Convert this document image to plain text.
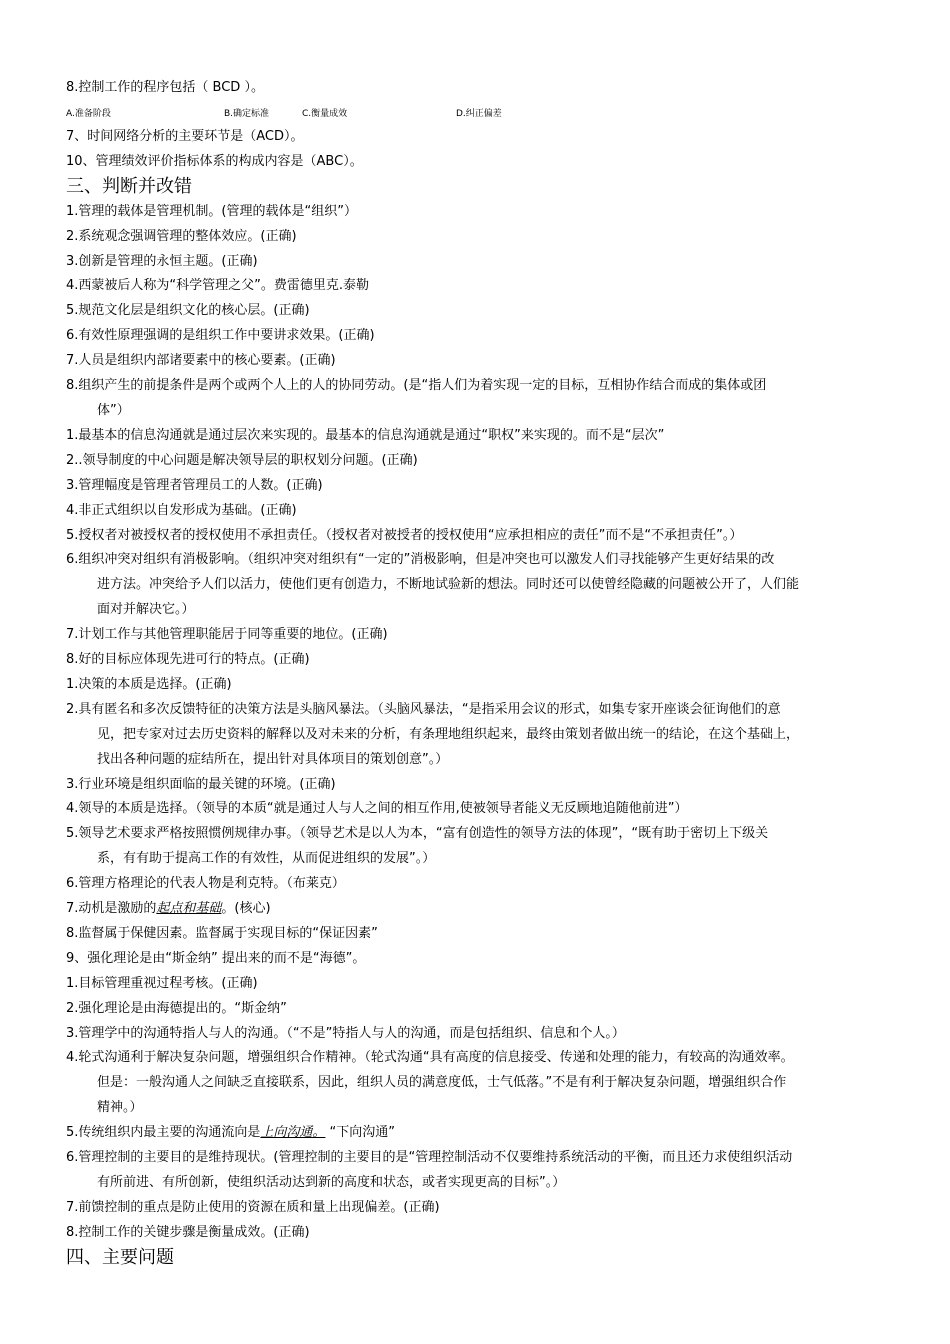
8.控制工作的程序包括（ BCD ）。
A.准备阶段	B.确定标准	C.衡量成效	D.纠正偏差
7、时间网络分析的主要环节是（ACD）。
10、管理绩效评价指标体系的构成内容是（ABC）。
三、判断并改错
1.管理的载体是管理机制。(管理的载体是“组织”）
2.系统观念强调管理的整体效应。(正确)
3.创新是管理的永恒主题。(正确)
4.西蒙被后人称为“科学管理之父”。费雷德里克.泰勒
5.规范文化层是组织文化的核心层。(正确)
6.有效性原理强调的是组织工作中要讲求效果。(正确)
7.人员是组织内部诸要素中的核心要素。(正确)
8.组织产生的前提条件是两个或两个人上的人的协同劳动。(是“指人们为着实现一定的目标，互相协作结合而成的集体或团
体”）
1.最基本的信息沟通就是通过层次来实现的。最基本的信息沟通就是通过“职权”来实现的。而不是“层次”
2..领导制度的中心问题是解决领导层的职权划分问题。(正确)
3.管理幅度是管理者管理员工的人数。(正确)
4.非正式组织以自发形成为基础。(正确)
5.授权者对被授权者的授权使用不承担责任。（授权者对被授者的授权使用“应承担相应的责任”而不是“不承担责任”。）
6.组织冲突对组织有消极影响。（组织冲突对组织有“一定的”消极影响，但是冲突也可以激发人们寻找能够产生更好结果的改
进方法。冲突给予人们以活力，使他们更有创造力，不断地试验新的想法。同时还可以使曾经隐藏的问题被公开了，人们能
面对并解决它。）
7.计划工作与其他管理职能居于同等重要的地位。(正确)
8.好的目标应体现先进可行的特点。(正确)
1.决策的本质是选择。(正确)
2.具有匿名和多次反馈特征的决策方法是头脑风暴法。（头脑风暴法，“是指采用会议的形式，如集专家开座谈会征询他们的意
见，把专家对过去历史资料的解释以及对未来的分析，有条理地组织起来，最终由策划者做出统一的结论，在这个基础上，
找出各种问题的症结所在，提出针对具体项目的策划创意”。）
3.行业环境是组织面临的最关键的环境。(正确)
4.领导的本质是选择。（领导的本质“就是通过人与人之间的相互作用,使被领导者能义无反顾地追随他前进”）
5.领导艺术要求严格按照惯例规律办事。（领导艺术是以人为本，“富有创造性的领导方法的体现”，“既有助于密切上下级关
系，有有助于提高工作的有效性，从而促进组织的发展”。）
6.管理方格理论的代表人物是利克特。（布莱克）
7.动机是激励的起点和基础。(核心)
8.监督属于保健因素。监督属于实现目标的“保证因素”
9、强化理论是由“斯金纳” 提出来的而不是“海德”。
1.目标管理重视过程考核。(正确)
2.强化理论是由海德提出的。“斯金纳”
3.管理学中的沟通特指人与人的沟通。（“不是”特指人与人的沟通，而是包括组织、信息和个人。）
4.轮式沟通利于解决复杂问题，增强组织合作精神。（轮式沟通“具有高度的信息接受、传递和处理的能力，有较高的沟通效率。
但是：一般沟通人之间缺乏直接联系，因此，组织人员的满意度低，士气低落。”不是有利于解决复杂问题，增强组织合作
精神。）
5.传统组织内最主要的沟通流向是上向沟通。 “下向沟通”
6.管理控制的主要目的是维持现状。(管理控制的主要目的是“管理控制活动不仅要维持系统活动的平衡，而且还力求使组织活动
有所前进、有所创新，使组织活动达到新的高度和状态，或者实现更高的目标”。）
7.前馈控制的重点是防止使用的资源在质和量上出现偏差。(正确)
8.控制工作的关键步骤是衡量成效。(正确)
四、主要问题
